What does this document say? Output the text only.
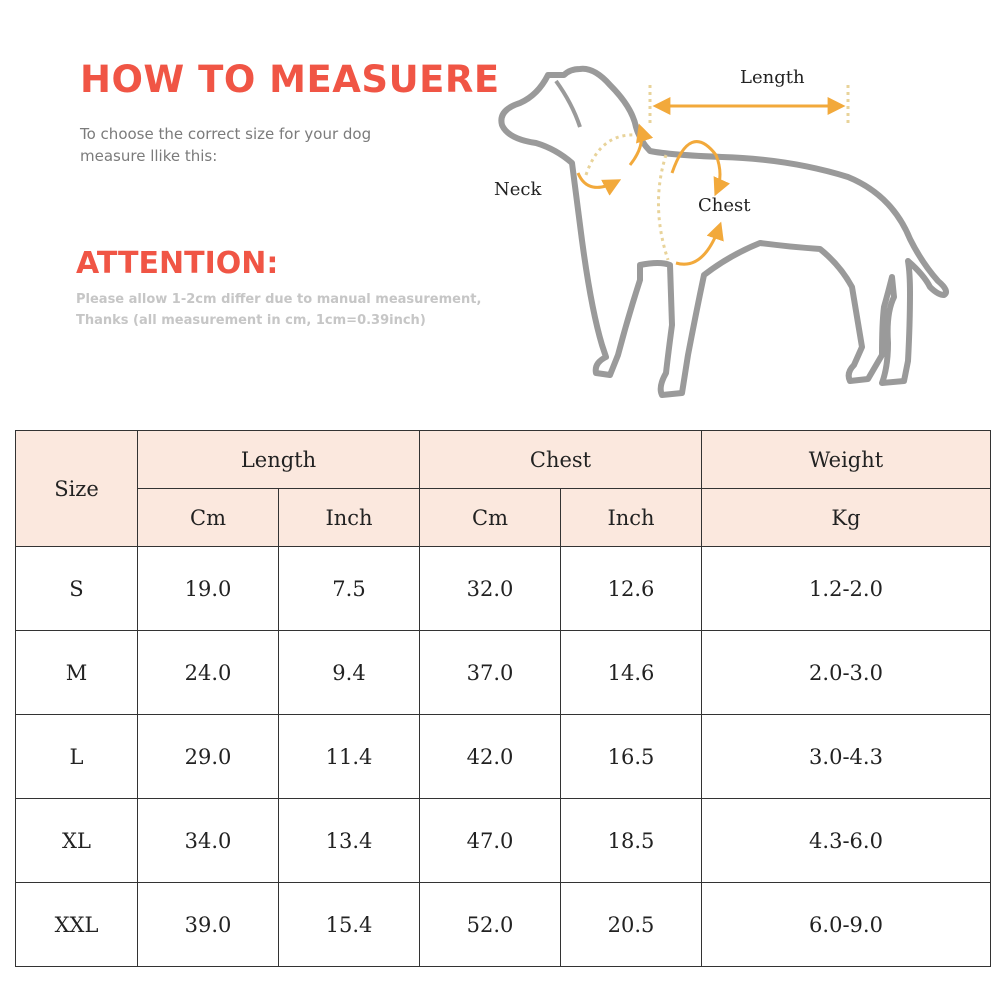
HOW TO MEASUERE
To choose the correct size for your dog
measure llike this:
ATTENTION:
Please allow 1-2cm differ due to manual measurement,
Thanks (all measurement in cm, 1cm=0.39inch)
Length
Neck
Chest
Size	Length		Chest		Weight
	Cm	Inch	Cm	Inch	Kg
S	19.0	7.5	32.0	12.6	1.2-2.0
M	24.0	9.4	37.0	14.6	2.0-3.0
L	29.0	11.4	42.0	16.5	3.0-4.3
XL	34.0	13.4	47.0	18.5	4.3-6.0
XXL	39.0	15.4	52.0	20.5	6.0-9.0
